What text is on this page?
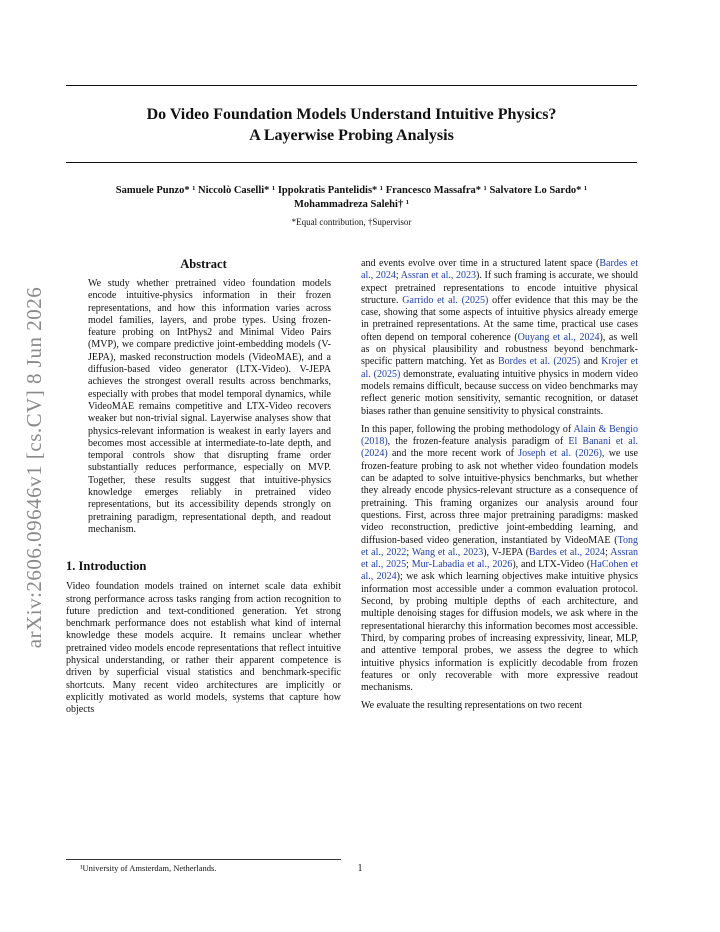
arXiv:2606.09646v1 [cs.CV] 8 Jun 2026
Do Video Foundation Models Understand Intuitive Physics?
A Layerwise Probing Analysis
Samuele Punzo* ¹ Niccolò Caselli* ¹ Ippokratis Pantelidis* ¹ Francesco Massafra* ¹ Salvatore Lo Sardo* ¹
Mohammadreza Salehi† ¹
*Equal contribution, †Supervisor
Abstract

We study whether pretrained video foundation models encode intuitive-physics information in their frozen representations, and how this information varies across model families, layers, and probe types. Using frozen-feature probing on IntPhys2 and Minimal Video Pairs (MVP), we compare predictive joint-embedding models (V-JEPA), masked reconstruction models (VideoMAE), and a diffusion-based video generator (LTX-Video). V-JEPA achieves the strongest overall results across benchmarks, especially with probes that model temporal dynamics, while VideoMAE remains competitive and LTX-Video recovers weaker but non-trivial signal. Layerwise analyses show that physics-relevant information is weakest in early layers and becomes most accessible at intermediate-to-late depth, and temporal controls show that disrupting frame order substantially reduces performance, especially on MVP. Together, these results suggest that intuitive-physics knowledge emerges reliably in pretrained video representations, but its accessibility depends strongly on pretraining paradigm, representational depth, and readout mechanism.

1. Introduction

Video foundation models trained on internet scale data exhibit strong performance across tasks ranging from action recognition to future prediction and text-conditioned generation. Yet strong benchmark performance does not establish what kind of internal knowledge these models acquire. It remains unclear whether pretrained video models encode representations that reflect intuitive physical understanding, or rather their apparent competence is driven by superficial visual statistics and benchmark-specific shortcuts. Many recent video architectures are implicitly or explicitly motivated as world models, systems that capture how objects

and events evolve over time in a structured latent space (Bardes et al., 2024; Assran et al., 2023). If such framing is accurate, we should expect pretrained representations to encode intuitive physical structure. Garrido et al. (2025) offer evidence that this may be the case, showing that some aspects of intuitive physics already emerge in pretrained representations. At the same time, practical use cases often depend on temporal coherence (Ouyang et al., 2024), as well as on physical plausibility and robustness beyond benchmark-specific pattern matching. Yet as Bordes et al. (2025) and Krojer et al. (2025) demonstrate, evaluating intuitive physics in modern video models remains difficult, because success on video benchmarks may reflect generic motion sensitivity, semantic recognition, or dataset biases rather than genuine sensitivity to physical constraints.

In this paper, following the probing methodology of Alain & Bengio (2018), the frozen-feature analysis paradigm of El Banani et al. (2024) and the more recent work of Joseph et al. (2026), we use frozen-feature probing to ask not whether video foundation models can be adapted to solve intuitive-physics benchmarks, but whether they already encode physics-relevant structure as a consequence of pretraining. This framing organizes our analysis around four questions. First, across three major pretraining paradigms: masked video reconstruction, predictive joint-embedding learning, and diffusion-based video generation, instantiated by VideoMAE (Tong et al., 2022; Wang et al., 2023), V-JEPA (Bardes et al., 2024; Assran et al., 2025; Mur-Labadia et al., 2026), and LTX-Video (HaCohen et al., 2024); we ask which learning objectives make intuitive physics information most accessible under a common evaluation protocol. Second, by probing multiple depths of each architecture, and multiple denoising stages for diffusion models, we ask where in the representational hierarchy this information becomes most accessible. Third, by comparing probes of increasing expressivity, linear, MLP, and attentive temporal probes, we assess the degree to which intuitive physics information is explicitly decodable from frozen features or only recoverable with more expressive readout mechanisms.

We evaluate the resulting representations on two recent

¹University of Amsterdam, Netherlands.	1
